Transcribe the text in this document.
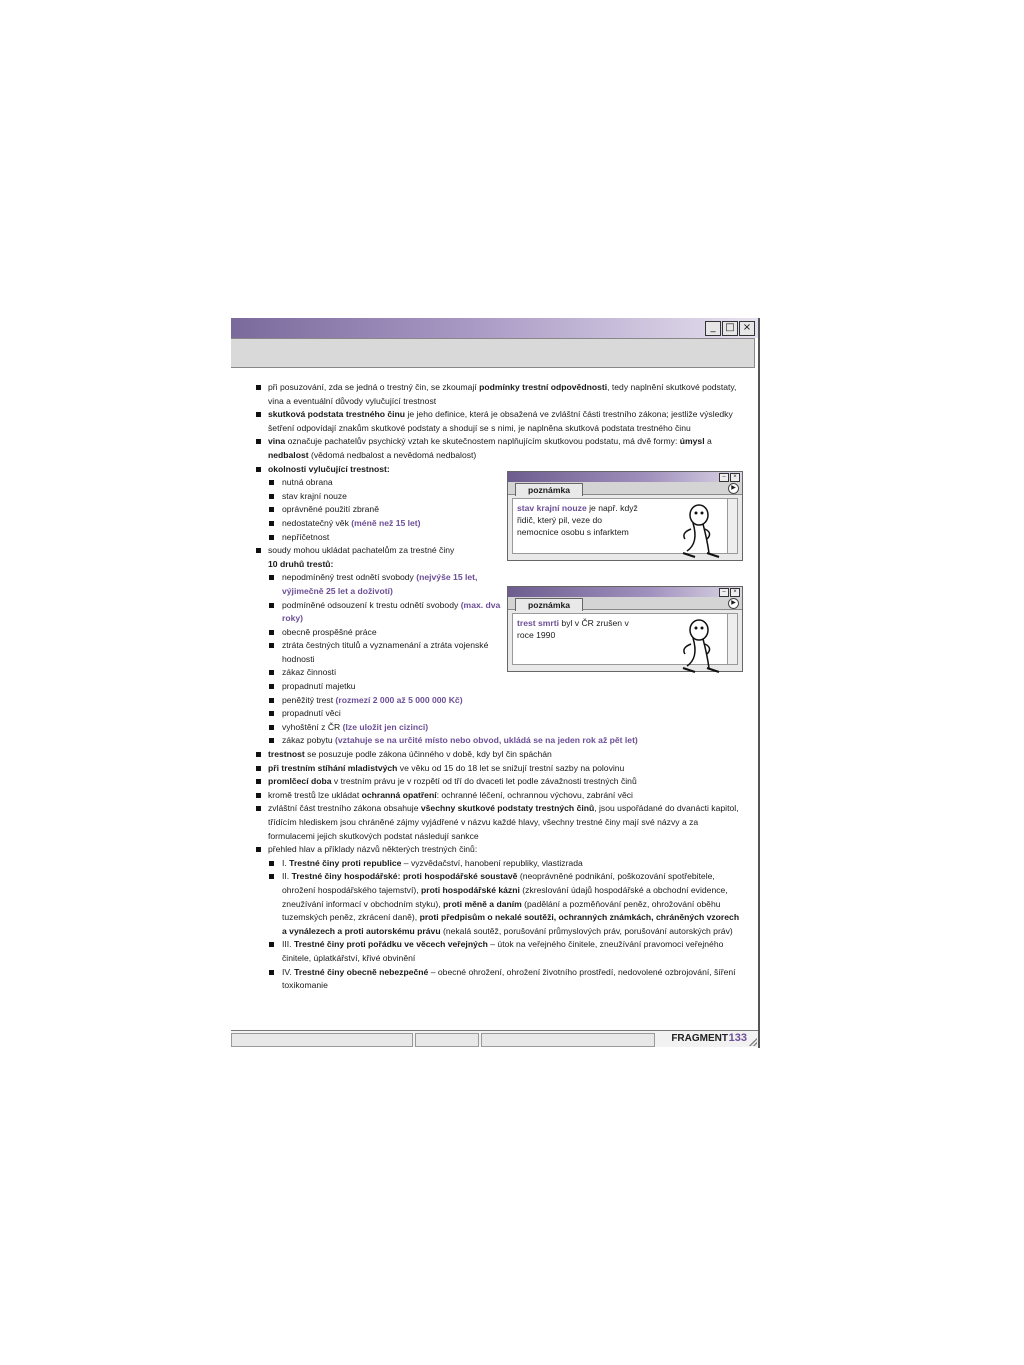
_ □ ×
při posuzování, zda se jedná o trestný čin, se zkoumají podmínky trestní odpovědnosti, tedy naplnění skutkové podstaty, vina a eventuální důvody vylučující trestnost
skutková podstata trestného činu je jeho definice, která je obsažená ve zvláštní části trestního zákona; jestliže výsledky šetření odpovídají znakům skutkové podstaty a shodují se s nimi, je naplněna skutková podstata trestného činu
vina označuje pachatelův psychický vztah ke skutečnostem naplňujícím skutkovou podstatu, má dvě formy: úmysl a nedbalost (vědomá nedbalost a nevědomá nedbalost)
okolnosti vylučující trestnost:
nutná obrana
stav krajní nouze
oprávněné použití zbraně
nedostatečný věk (méně než 15 let)
nepříčetnost
soudy mohou ukládat pachatelům za trestné činy
10 druhů trestů:
nepodmíněný trest odnětí svobody (nejvýše 15 let, výjimečně 25 let a doživotí)
podmíněné odsouzení k trestu odnětí svobody (max. dva roky)
obecně prospěšné práce
ztráta čestných titulů a vyznamenání a ztráta vojenské hodnosti
zákaz činnosti
propadnutí majetku
peněžitý trest (rozmezí 2 000 až 5 000 000 Kč)
propadnutí věci
vyhoštění z ČR (lze uložit jen cizinci)
zákaz pobytu (vztahuje se na určité místo nebo obvod, ukládá se na jeden rok až pět let)
trestnost se posuzuje podle zákona účinného v době, kdy byl čin spáchán
při trestním stíhání mladistvých ve věku od 15 do 18 let se snižují trestní sazby na polovinu
promlčecí doba v trestním právu je v rozpětí od tří do dvaceti let podle závažnosti trestných činů
kromě trestů lze ukládat ochranná opatření: ochranné léčení, ochrannou výchovu, zabrání věci
zvláštní část trestního zákona obsahuje všechny skutkové podstaty trestných činů, jsou uspořádané do dvanácti kapitol, třídícím hlediskem jsou chráněné zájmy vyjádřené v názvu každé hlavy, všechny trestné činy mají své názvy a za formulacemi jejich skutkových podstat následují sankce
přehled hlav a příklady názvů některých trestných činů:
I. Trestné činy proti republice – vyzvědačství, hanobení republiky, vlastizrada
II. Trestné činy hospodářské: proti hospodářské soustavě (neoprávněné podnikání, poškozování spotřebitele, ohrožení hospodářského tajemství), proti hospodářské kázni (zkreslování údajů hospodářské a obchodní evidence, zneužívání informací v obchodním styku), proti měně a daním (padělání a pozměňování peněz, ohrožování oběhu tuzemských peněz, zkrácení daně), proti předpisům o nekalé soutěži, ochranných známkách, chráněných vzorech a vynálezech a proti autorskému právu (nekalá soutěž, porušování průmyslových práv, porušování autorských práv)
III. Trestné činy proti pořádku ve věcech veřejných – útok na veřejného činitele, zneužívání pravomoci veřejného činitele, úplatkářství, křivé obvinění
IV. Trestné činy obecně nebezpečné – obecné ohrožení, ohrožení životního prostředí, nedovolené ozbrojování, šíření toxikomanie
–	×
poznámka	▶
stav krajní nouze je např. když řidič, který pil, veze do nemocnice osobu s infarktem
–	×
poznámka	▶
trest smrti byl v ČR zrušen v roce 1990
FRAGMENT 133
